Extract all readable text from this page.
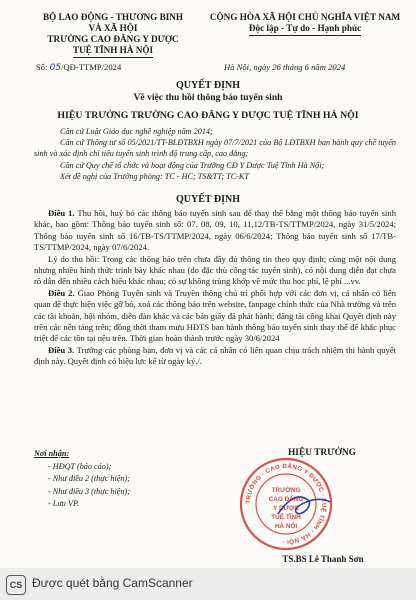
BỘ LAO ĐỘNG - THƯƠNG BINH
VÀ XÃ HỘI
TRƯỜNG CAO ĐẲNG Y DƯỢC
TUỆ TĨNH HÀ NỘI
CỘNG HÒA XÃ HỘI CHỦ NGHĨA VIỆT NAM
Độc lập - Tự do - Hạnh phúc
Số: 05/QĐ-TTMP/2024	Hà Nội, ngày 26 tháng 6 năm 2024
QUYẾT ĐỊNH
Về việc thu hồi thông báo tuyển sinh
HIỆU TRƯỞNG TRƯỜNG CAO ĐẲNG Y DƯỢC TUỆ TĨNH HÀ NỘI

Căn cứ Luật Giáo dục nghề nghiệp năm 2014;

Căn cứ Thông tư số 05/2021/TT-BLĐTBXH ngày 07/7/2021 của Bộ LĐTBXH ban hành quy chế tuyển sinh và xác định chỉ tiêu tuyển sinh trình độ trung cấp, cao đẳng;

Căn cứ Quy chế tổ chức và hoạt động của Trường CĐ Y Dược Tuệ Tĩnh Hà Nội;

Xét đề nghị của Trưởng phòng: TC - HC; TS&TT; TC-KT

QUYẾT ĐỊNH

Điều 1. Thu hồi, huỷ bỏ các thông báo tuyển sinh sau để thay thế bằng một thông báo tuyển sinh khác, bao gồm: Thông báo tuyển sinh số: 07. 08, 09, 10, 11,12/TB-TS/TTMP/2024, ngày 31/5/2024; Thông báo tuyển sinh số 16/TB-TS/TTMP/2024, ngày 06/6/2024; Thông báo tuyển sinh số 17/TB-TS/TTMP/2024, ngày 07/6/2024.

Lý do thu hồi: Trong các thông báo trên chưa đầy đủ thông tin theo quy định; cùng một nội dung nhưng nhiều hình thức trình bày khác nhau (do đặc thù công tác tuyển sinh), có nội dung diễn đạt chưa rõ dẫn đến nhiều cách hiểu khác nhau; có sự không trùng khớp về mức thu học phí, lệ phí ...vv.

Điều 2. Giao Phòng Tuyển sinh và Truyền thông chủ trì phối hợp với các đơn vị, cá nhân có liên quan để thực hiện việc gỡ bỏ, xoá các thông báo trên website, fanpage chính thức của Nhà trường và trên các tài khoản, hội nhóm, diễn đàn khác và các bản giấy đã phát hành; đăng tải công khai Quyết định này trên các nền tảng trên; đồng thời tham mưu HĐTS ban hành thông báo tuyển sinh thay thế để khắc phục triệt để các tồn tại nêu trên. Thời gian hoàn thành trước ngày 30/6/2024

Điều 3. Trưởng các phòng ban, đơn vị và các cá nhân có liên quan chịu trách nhiệm thi hành quyết định này. Quyết định có hiệu lực kể từ ngày ký./.

Nơi nhận:
- HĐQT (báo cáo);
- Như điều 2 (thực hiện);
- Như điều 3 (thực hiện);
- Lưu VP.
HIỆU TRƯỞNG
TRƯỜNG · CAO ĐẲNG Y DƯỢC · TUỆ TĨNH · HÀ NỘI ·
TRƯỜNG
CAO ĐẲNG
Y DƯỢC
TUỆ TĨNH
HÀ NỘI
TS.BS Lê Thanh Sơn
CS Được quét bằng CamScanner
